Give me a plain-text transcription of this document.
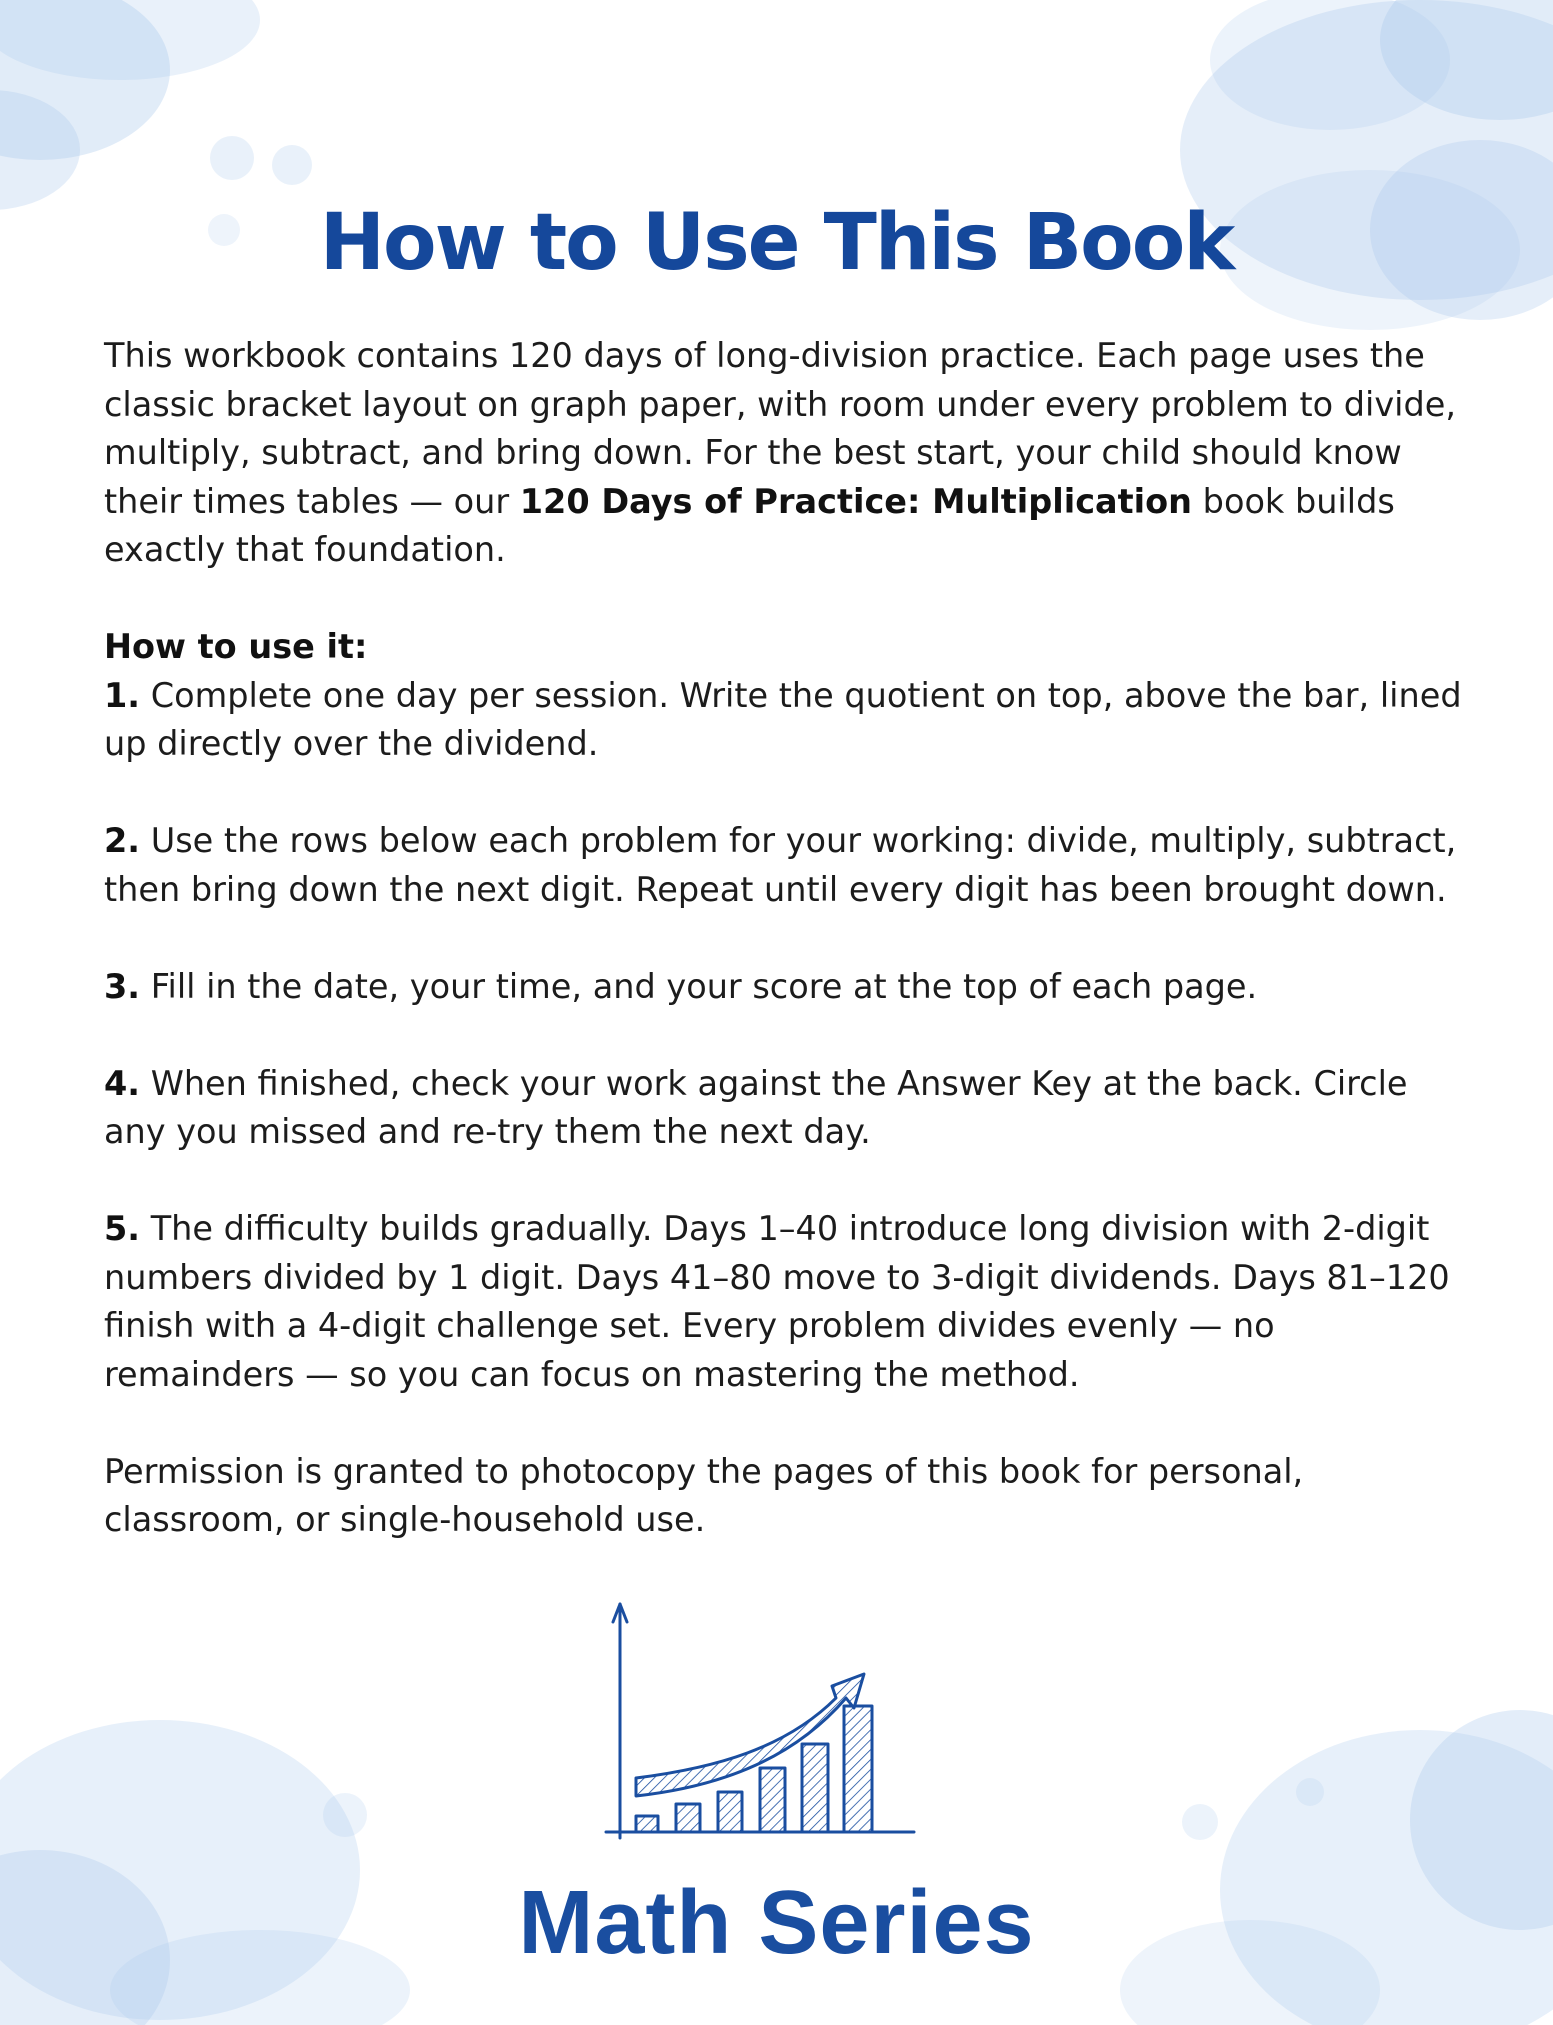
How to Use This Book

This workbook contains 120 days of long-division practice. Each page uses the classic bracket layout on graph paper, with room under every problem to divide, multiply, subtract, and bring down. For the best start, your child should know their times tables — our 120 Days of Practice: Multiplication book builds exactly that foundation.

How to use it:

1. Complete one day per session. Write the quotient on top, above the bar, lined up directly over the dividend.

2. Use the rows below each problem for your working: divide, multiply, subtract, then bring down the next digit. Repeat until every digit has been brought down.

3. Fill in the date, your time, and your score at the top of each page.

4. When finished, check your work against the Answer Key at the back. Circle any you missed and re-try them the next day.

5. The difficulty builds gradually. Days 1–40 introduce long division with 2-digit numbers divided by 1 digit. Days 41–80 move to 3-digit dividends. Days 81–120 finish with a 4-digit challenge set. Every problem divides evenly — no remainders — so you can focus on mastering the method.

Permission is granted to photocopy the pages of this book for personal, classroom, or single-household use.

Math Series
